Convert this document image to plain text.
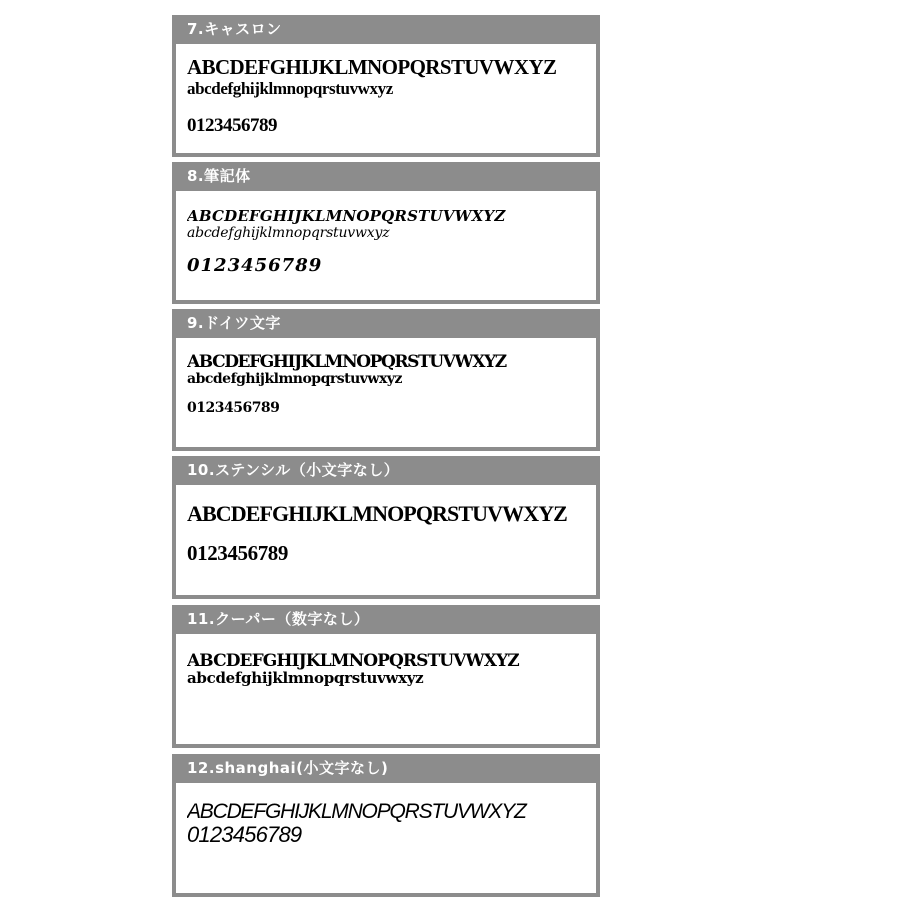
7.キャスロン
ABCDEFGHIJKLMNOPQRSTUVWXYZ
abcdefghijklmnopqrstuvwxyz
0123456789
8.筆記体
ABCDEFGHIJKLMNOPQRSTUVWXYZ
abcdefghijklmnopqrstuvwxyz
0123456789
9.ドイツ文字
ABCDEFGHIJKLMNOPQRSTUVWXYZ
abcdefghijklmnopqrstuvwxyz
0123456789
10.ステンシル（小文字なし）
ABCDEFGHIJKLMNOPQRSTUVWXYZ
0123456789
11.クーパー（数字なし）
ABCDEFGHIJKLMNOPQRSTUVWXYZ
abcdefghijklmnopqrstuvwxyz
12.shanghai(小文字なし)
ABCDEFGHIJKLMNOPQRSTUVWXYZ
0123456789
